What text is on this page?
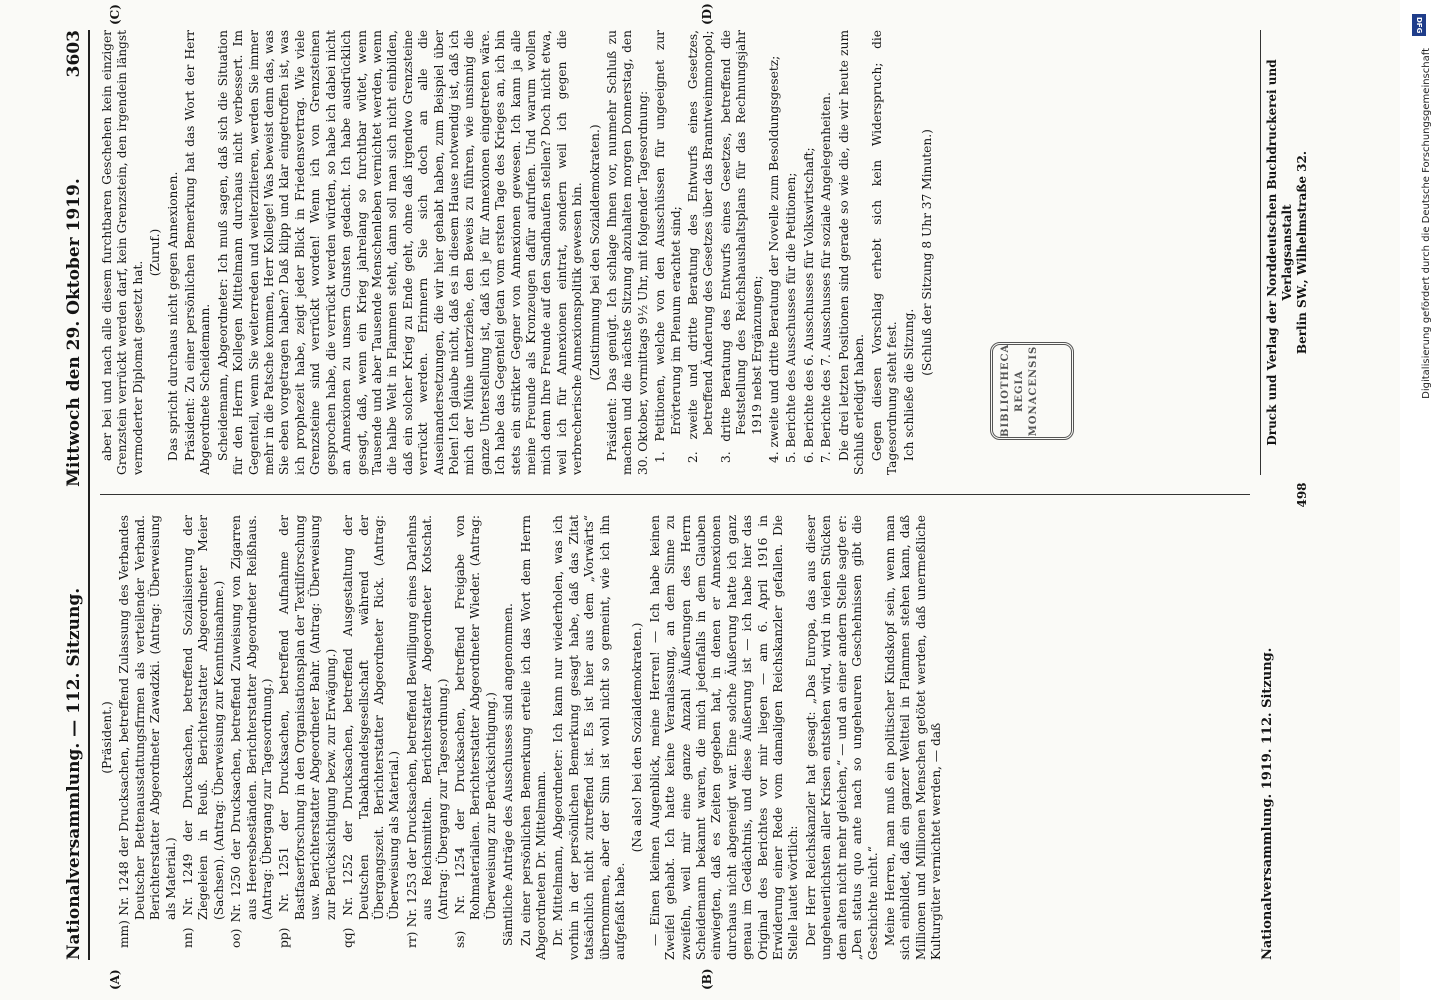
Nationalversammlung. — 112. Sitzung.
Mittwoch den 29. Oktober 1919.
3603
(A)	(B)
(C)	(D)

(Präsident.) mm) Nr. 1248 der Drucksachen, betreffend Zulassung des Verbandes Deutscher Bettenausstattungsfirmen als verteilender Verband. Berichterstatter Abgeordneter Zawadzki. (Antrag: Überweisung als Material.) nn) Nr. 1249 der Drucksachen, betreffend Sozialisierung der Ziegeleien in Reuß. Berichterstatter Abgeordneter Meier (Sachsen). (Antrag: Überweisung zur Kenntnisnahme.) oo) Nr. 1250 der Drucksachen, betreffend Zuweisung von Zigarren aus Heeresbeständen. Berichterstatter Abgeordneter Reißhaus. (Antrag: Übergang zur Tagesordnung.) pp) Nr. 1251 der Drucksachen, betreffend Aufnahme der Bastfaserforschung in den Organisationsplan der Textilforschung usw. Berichterstatter Abgeordneter Bahr. (Antrag: Überweisung zur Berücksichtigung bezw. zur Erwägung.) qq) Nr. 1252 der Drucksachen, betreffend Ausgestaltung der Deutschen Tabakhandelsgesellschaft während der Übergangszeit. Berichterstatter Abgeordneter Rick. (Antrag: Überweisung als Material.) rr) Nr. 1253 der Drucksachen, betreffend Bewilligung eines Darlehns aus Reichsmitteln. Berichterstatter Abgeordneter Kotschat. (Antrag: Übergang zur Tagesordnung.) ss) Nr. 1254 der Drucksachen, betreffend Freigabe von Rohmaterialien. Berichterstatter Abgeordneter Wieder. (Antrag: Überweisung zur Berücksichtigung.) Sämtliche Anträge des Ausschusses sind angenommen. Zu einer persönlichen Bemerkung erteile ich das Wort dem Herrn Abgeordneten Dr. Mittelmann. Dr. Mittelmann, Abgeordneter: Ich kann nur wiederholen, was ich vorhin in der persönlichen Bemerkung gesagt habe, daß das Zitat tatsächlich nicht zutreffend ist. Es ist hier aus dem „Vorwärts“ übernommen, aber der Sinn ist wohl nicht so gemeint, wie ich ihn aufgefaßt habe.

(Na also! bei den Sozialdemokraten.) — Einen kleinen Augenblick, meine Herren! — Ich habe keinen Zweifel gehabt. Ich hatte keine Veranlassung, an dem Sinne zu zweifeln, weil mir eine ganze Anzahl Äußerungen des Herrn Scheidemann bekannt waren, die mich jedenfalls in dem Glauben einwiegten, daß es Zeiten gegeben hat, in denen er Annexionen durchaus nicht abgeneigt war. Eine solche Äußerung hatte ich ganz genau im Gedächtnis, und diese Äußerung ist — ich habe hier das Original des Berichtes vor mir liegen — am 6. April 1916 in Erwiderung einer Rede vom damaligen Reichskanzler gefallen. Die Stelle lautet wörtlich: Der Herr Reichskanzler hat gesagt: „Das Europa, das aus dieser ungeheuerlichsten aller Krisen entstehen wird, wird in vielen Stücken dem alten nicht mehr gleichen,“ — und an einer andern Stelle sagte er: „Den status quo ante nach so ungeheuren Geschehnissen gibt die Geschichte nicht.“ Meine Herren, man muß ein politischer Kindskopf sein, wenn man sich einbildet, daß ein ganzer Weltteil in Flammen stehen kann, daß Millionen und Millionen Menschen getötet werden, daß unermeßliche Kulturgüter vernichtet werden, — daß

aber bei und nach alle diesem furchtbaren Geschehen kein einziger Grenzstein verrückt werden darf, kein Grenzstein, den irgendein längst vermoderter Diplomat gesetzt hat.

(Zuruf.) Das spricht durchaus nicht gegen Annexionen. Präsident: Zu einer persönlichen Bemerkung hat das Wort der Herr Abgeordnete Scheidemann. Scheidemann, Abgeordneter: Ich muß sagen, daß sich die Situation für den Herrn Kollegen Mittelmann durchaus nicht verbessert. Im Gegenteil, wenn Sie weiterreden und weiterzitieren, werden Sie immer mehr in die Patsche kommen, Herr Kollege! Was beweist denn das, was Sie eben vorgetragen haben? Daß klipp und klar eingetroffen ist, was ich prophezeit habe, zeigt jeder Blick in Friedensvertrag. Wie viele Grenzsteine sind verrückt worden! Wenn ich von Grenzsteinen gesprochen habe, die verrückt werden würden, so habe ich dabei nicht an Annexionen zu unsern Gunsten gedacht. Ich habe ausdrücklich gesagt, daß, wenn ein Krieg jahrelang so furchtbar wütet, wenn Tausende und aber Tausende Menschenleben vernichtet werden, wenn die halbe Welt in Flammen steht, dann soll man sich nicht einbilden, daß ein solcher Krieg zu Ende geht, ohne daß irgendwo Grenzsteine verrückt werden. Erinnern Sie sich doch an alle die Auseinandersetzungen, die wir hier gehabt haben, zum Beispiel über Polen! Ich glaube nicht, daß es in diesem Hause notwendig ist, daß ich mich der Mühe unterziehe, den Beweis zu führen, wie unsinnig die ganze Unterstellung ist, daß ich je für Annexionen eingetreten wäre. Ich habe das Gegenteil getan vom ersten Tage des Krieges an, ich bin stets ein strikter Gegner von Annexionen gewesen. Ich kann ja alle meine Freunde als Kronzeugen dafür aufrufen. Und warum wollen mich denn Ihre Freunde auf den Sandhaufen stellen? Doch nicht etwa, weil ich für Annexionen eintrat, sondern weil ich gegen die verbrecherische Annexionspolitik gewesen bin. (Zustimmung bei den Sozialdemokraten.) Präsident: Das genügt. Ich schlage Ihnen vor, nunmehr Schluß zu machen und die nächste Sitzung abzuhalten morgen Donnerstag, den 30. Oktober, vormittags 9½ Uhr, mit folgender Tagesordnung: 1. Petitionen, welche von den Ausschüssen für ungeeignet zur Erörterung im Plenum erachtet sind; 2. zweite und dritte Beratung des Entwurfs eines Gesetzes, betreffend Änderung des Gesetzes über das Branntweinmonopol; 3. dritte Beratung des Entwurfs eines Gesetzes, betreffend die Feststellung des Reichshaushaltsplans für das Rechnungsjahr 1919 nebst Ergänzungen; 4. zweite und dritte Beratung der Novelle zum Besoldungsgesetz; 5. Berichte des Ausschusses für die Petitionen; 6. Berichte des 6. Ausschusses für Volkswirtschaft; 7. Berichte des 7. Ausschusses für soziale Angelegenheiten. Die drei letzten Positionen sind gerade so wie die, die wir heute zum Schluß erledigt haben. Gegen diesen Vorschlag erhebt sich kein Widerspruch; die Tagesordnung steht fest. Ich schließe die Sitzung.

(Schluß der Sitzung 8 Uhr 37 Minuten.)

BIBLIOTHECA REGIA MONACENSIS
Nationalversammlung. 1919. 112. Sitzung.
Druck und Verlag der Norddeutschen Buchdruckerei und Verlagsanstalt Berlin SW., Wilhelmstraße 32.
498
DFG
Digitalisierung gefördert durch die Deutsche Forschungsgemeinschaft
